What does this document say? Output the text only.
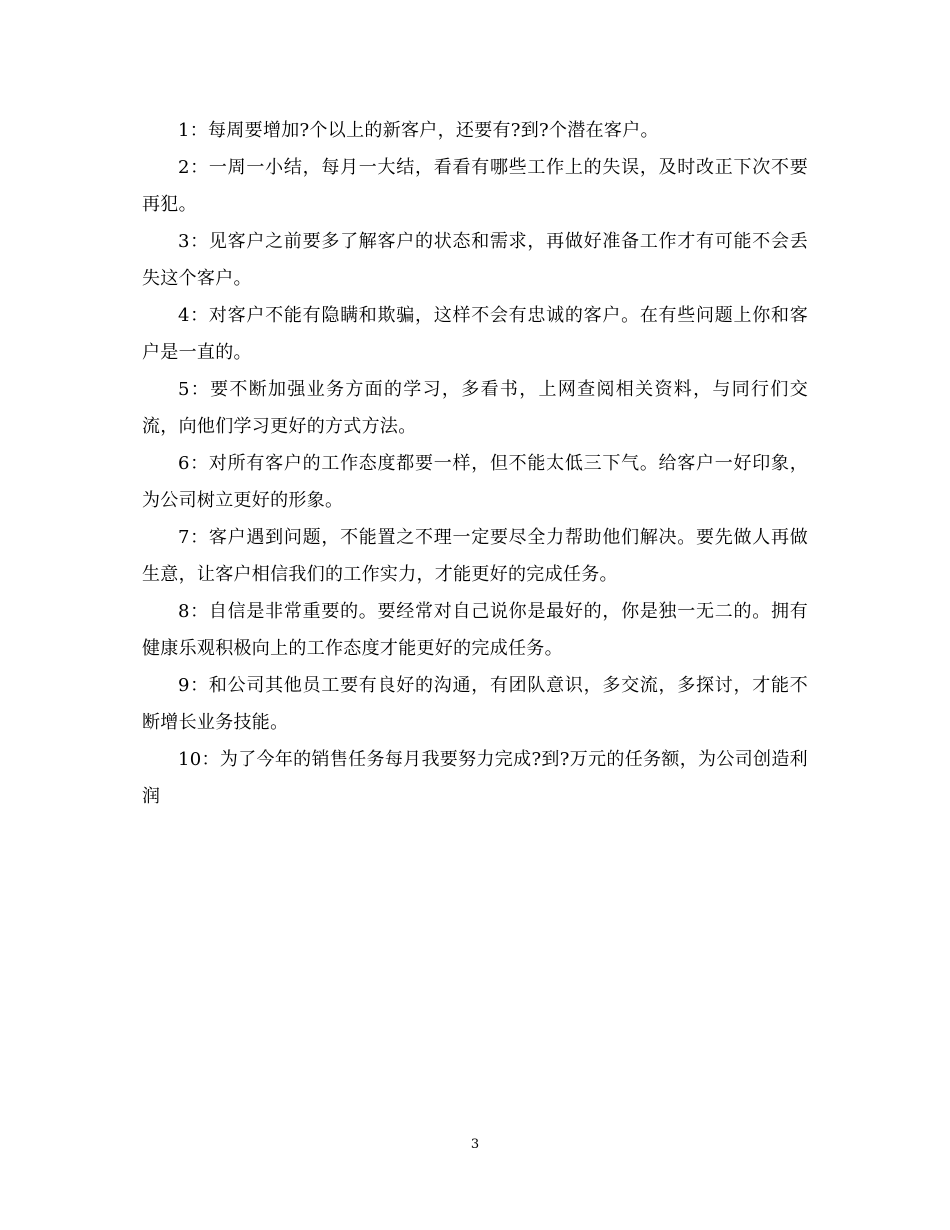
1：每周要增加?个以上的新客户，还要有?到?个潜在客户。

2：一周一小结，每月一大结，看看有哪些工作上的失误，及时改正下次不要再犯。

3：见客户之前要多了解客户的状态和需求，再做好准备工作才有可能不会丢失这个客户。

4：对客户不能有隐瞒和欺骗，这样不会有忠诚的客户。在有些问题上你和客户是一直的。

5：要不断加强业务方面的学习，多看书，上网查阅相关资料，与同行们交流，向他们学习更好的方式方法。

6：对所有客户的工作态度都要一样，但不能太低三下气。给客户一好印象，为公司树立更好的形象。

7：客户遇到问题，不能置之不理一定要尽全力帮助他们解决。要先做人再做生意，让客户相信我们的工作实力，才能更好的完成任务。

8：自信是非常重要的。要经常对自己说你是最好的，你是独一无二的。拥有健康乐观积极向上的工作态度才能更好的完成任务。

9：和公司其他员工要有良好的沟通，有团队意识，多交流，多探讨，才能不断增长业务技能。

10：为了今年的销售任务每月我要努力完成?到?万元的任务额，为公司创造利润

3
